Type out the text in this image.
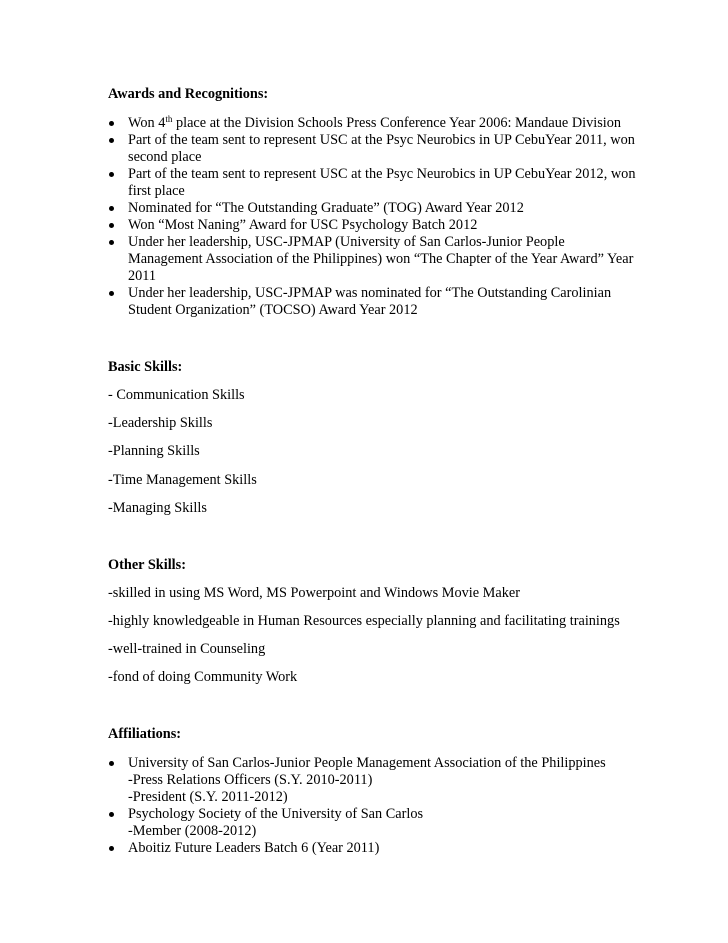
Awards and Recognitions:
Won 4th place at the Division Schools Press Conference Year 2006: Mandaue Division
Part of the team sent to represent USC at the Psyc Neurobics in UP CebuYear 2011, won
second place
Part of the team sent to represent USC at the Psyc Neurobics in UP CebuYear 2012, won
first place
Nominated for “The Outstanding Graduate” (TOG) Award Year 2012
Won “Most Naning” Award for USC Psychology Batch 2012
Under her leadership, USC-JPMAP (University of San Carlos-Junior People
Management Association of the Philippines) won “The Chapter of the Year Award” Year
2011
Under her leadership, USC-JPMAP was nominated for “The Outstanding Carolinian
Student Organization” (TOCSO) Award Year 2012
Basic Skills:

- Communication Skills

-Leadership Skills

-Planning Skills

-Time Management Skills

-Managing Skills

Other Skills:

-skilled in using MS Word, MS Powerpoint and Windows Movie Maker

-highly knowledgeable in Human Resources especially planning and facilitating trainings

-well-trained in Counseling

-fond of doing Community Work

Affiliations:
University of San Carlos-Junior People Management Association of the Philippines
-Press Relations Officers (S.Y. 2010-2011)
-President (S.Y. 2011-2012)
Psychology Society of the University of San Carlos
-Member (2008-2012)
Aboitiz Future Leaders Batch 6 (Year 2011)
